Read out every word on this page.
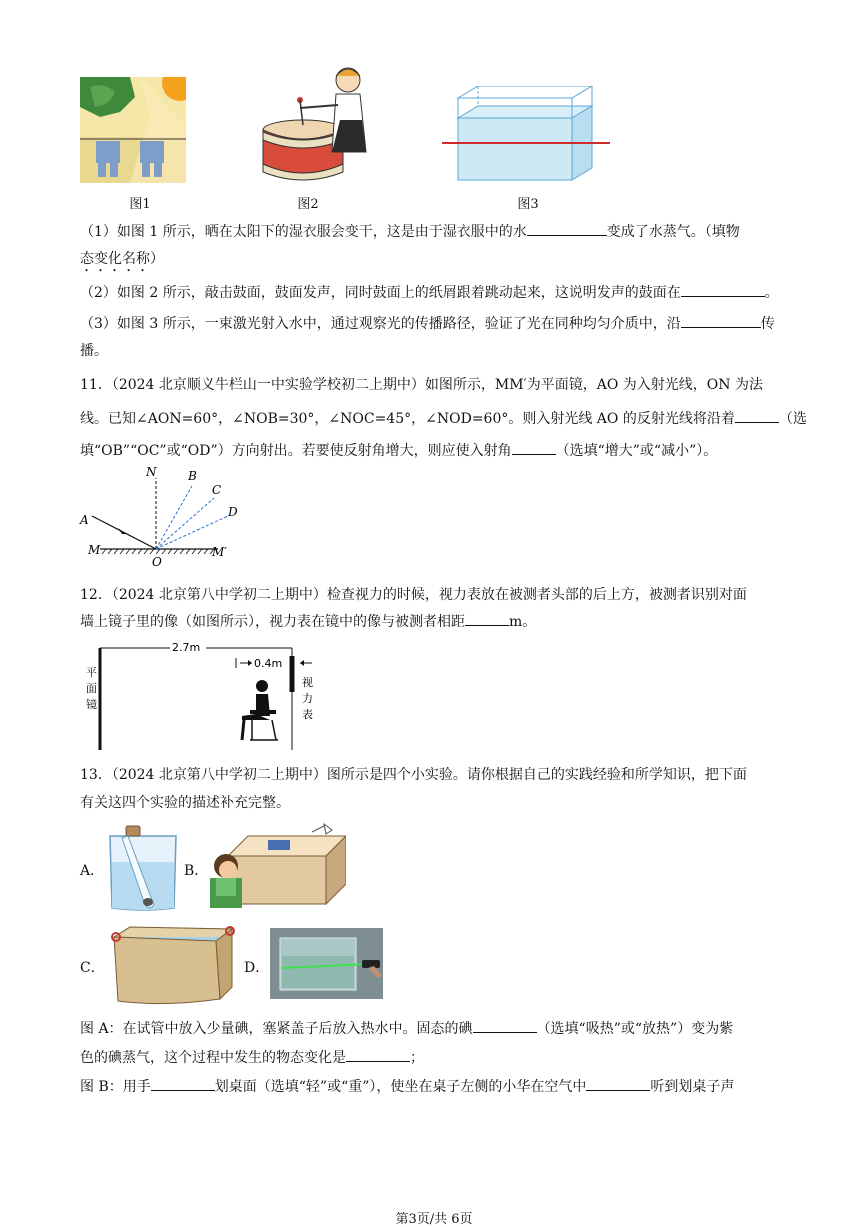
图1	图2	图3
（1）如图 1 所示，晒在太阳下的湿衣服会变干，这是由于湿衣服中的水	变成了水蒸气。（填物
态变化名称）
（2）如图 2 所示，敲击鼓面，鼓面发声，同时鼓面上的纸屑跟着跳动起来，这说明发声的鼓面在	。
（3）如图 3 所示，一束激光射入水中，通过观察光的传播路径，验证了光在同种均匀介质中，沿	传
播。
11．（2024 北京顺义牛栏山一中实验学校初二上期中）如图所示，MM′为平面镜，AO 为入射光线，ON 为法
线。已知∠AON=60°，∠NOB=30°，∠NOC=45°，∠NOD=60°。则入射光线 AO 的反射光线将沿着	（选
填“OB”“OC”或“OD”）方向射出。若要使反射角增大，则应使入射角	（选填“增大”或“减小”）。
N	B
C
D
A
M	M′
O
12．（2024 北京第八中学初二上期中）检查视力的时候，视力表放在被测者头部的后上方，被测者识别对面
墙上镜子里的像（如图所示），视力表在镜中的像与被测者相距	m。
2.7m
0.4m
平
面
镜
视
力
表
13．（2024 北京第八中学初二上期中）图所示是四个小实验。请你根据自己的实践经验和所学知识，把下面
有关这四个实验的描述补充完整。
A．	B．
C．	D．
图 A：在试管中放入少量碘，塞紧盖子后放入热水中。固态的碘	（选填“吸热”或“放热”）变为紫
色的碘蒸气，这个过程中发生的物态变化是	；
图 B：用手	划桌面（选填“轻”或“重”），使坐在桌子左侧的小华在空气中	听到划桌子声
第3页/共 6页
